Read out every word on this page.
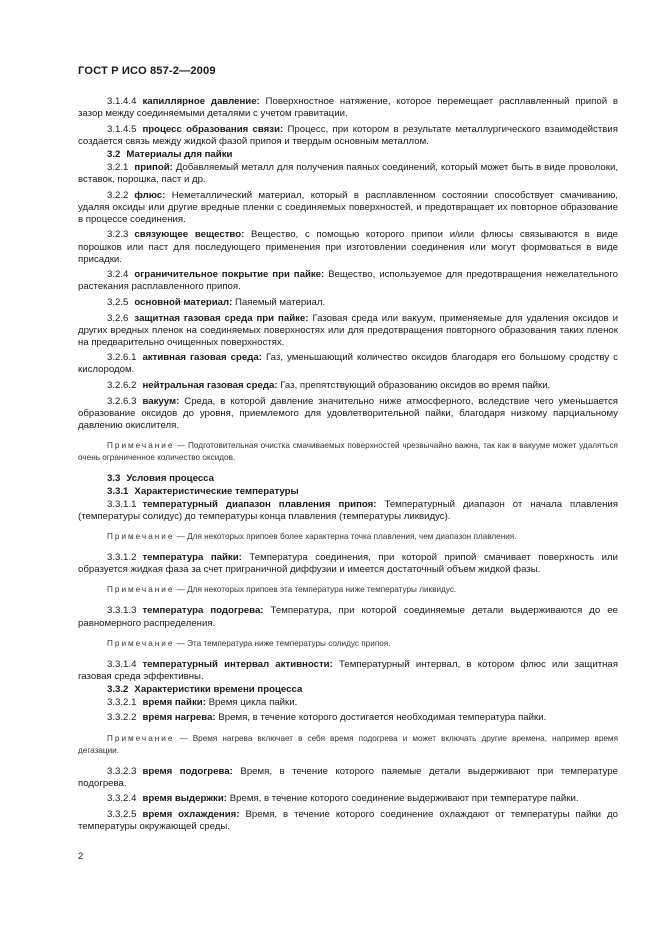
ГОСТ Р ИСО 857-2—2009

3.1.4.4 капиллярное давление: Поверхностное натяжение, которое перемещает расплавленный припой в зазор между соединяемыми деталями с учетом гравитации.

3.1.4.5 процесс образования связи: Процесс, при котором в результате металлургического взаимодействия создается связь между жидкой фазой припоя и твердым основным металлом.

3.2 Материалы для пайки

3.2.1 припой: Добавляемый металл для получения паяных соединений, который может быть в виде проволоки, вставок, порошка, паст и др.

3.2.2 флюс: Неметаллический материал, который в расплавленном состоянии способствует смачиванию, удаляя оксиды или другие вредные пленки с соединяемых поверхностей, и предотвращает их повторное образование в процессе соединения.

3.2.3 связующее вещество: Вещество, с помощью которого припои и/или флюсы связываются в виде порошков или паст для последующего применения при изготовлении соединения или могут формоваться в виде присадки.

3.2.4 ограничительное покрытие при пайке: Вещество, используемое для предотвращения нежелательного растекания расплавленного припоя.

3.2.5 основной материал: Паяемый материал.

3.2.6 защитная газовая среда при пайке: Газовая среда или вакуум, применяемые для удаления оксидов и других вредных пленок на соединяемых поверхностях или для предотвращения повторного образования таких пленок на предварительно очищенных поверхностях.

3.2.6.1 активная газовая среда: Газ, уменьшающий количество оксидов благодаря его большому сродству с кислородом.

3.2.6.2 нейтральная газовая среда: Газ, препятствующий образованию оксидов во время пайки.

3.2.6.3 вакуум: Среда, в которой давление значительно ниже атмосферного, вследствие чего уменьшается образование оксидов до уровня, приемлемого для удовлетворительной пайки, благодаря низкому парциальному давлению окислителя.

Примечание — Подготовительная очистка смачиваемых поверхностей чрезвычайно важна, так как в вакууме может удаляться очень ограниченное количество оксидов.

3.3 Условия процесса

3.3.1 Характеристические температуры

3.3.1.1 температурный диапазон плавления припоя: Температурный диапазон от начала плавления (температуры солидус) до температуры конца плавления (температуры ликвидус).

Примечание — Для некоторых припоев более характерна точка плавления, чем диапазон плавления.

3.3.1.2 температура пайки: Температура соединения, при которой припой смачивает поверхность или образуется жидкая фаза за счет приграничной диффузии и имеется достаточный объем жидкой фазы.

Примечание — Для некоторых припоев эта температура ниже температуры ликвидус.

3.3.1.3 температура подогрева: Температура, при которой соединяемые детали выдерживаются до ее равномерного распределения.

Примечание — Эта температура ниже температуры солидус припоя.

3.3.1.4 температурный интервал активности: Температурный интервал, в котором флюс или защитная газовая среда эффективны.

3.3.2 Характеристики времени процесса

3.3.2.1 время пайки: Время цикла пайки.

3.3.2.2 время нагрева: Время, в течение которого достигается необходимая температура пайки.

Примечание — Время нагрева включает в себя время подогрева и может включать другие времена, например время дегазации.

3.3.2.3 время подогрева: Время, в течение которого паяемые детали выдерживают при температуре подогрева.

3.3.2.4 время выдержки: Время, в течение которого соединение выдерживают при температуре пайки.

3.3.2.5 время охлаждения: Время, в течение которого соединение охлаждают от температуры пайки до температуры окружающей среды.

2
